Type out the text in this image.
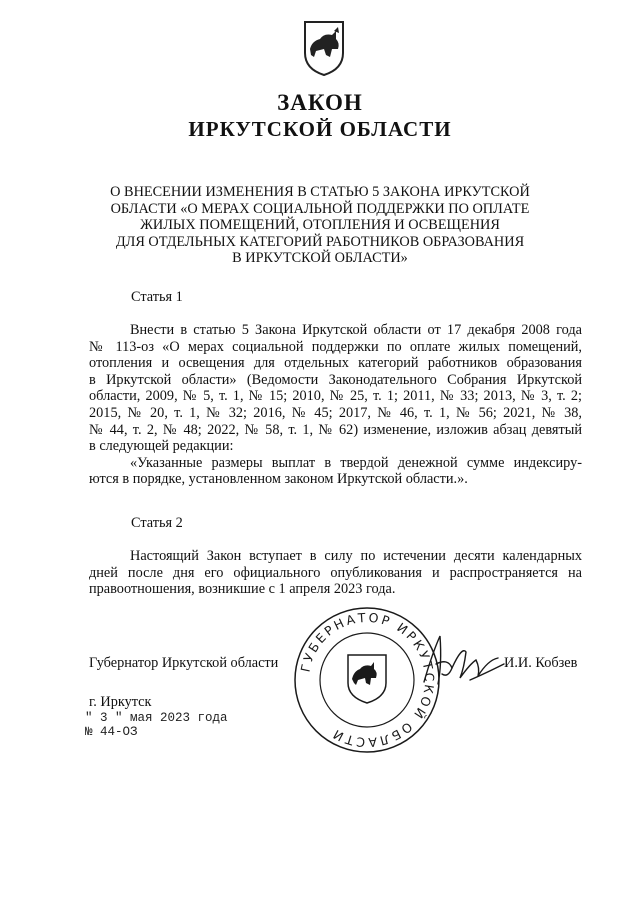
ЗАКОН
ИРКУТСКОЙ ОБЛАСТИ
О ВНЕСЕНИИ ИЗМЕНЕНИЯ В СТАТЬЮ 5 ЗАКОНА ИРКУТСКОЙ
ОБЛАСТИ «О МЕРАХ СОЦИАЛЬНОЙ ПОДДЕРЖКИ ПО ОПЛАТЕ
ЖИЛЫХ ПОМЕЩЕНИЙ, ОТОПЛЕНИЯ И ОСВЕЩЕНИЯ
ДЛЯ ОТДЕЛЬНЫХ КАТЕГОРИЙ РАБОТНИКОВ ОБРАЗОВАНИЯ
В ИРКУТСКОЙ ОБЛАСТИ»
Статья 1
Внести в статью 5 Закона Иркутской области от 17 декабря 2008 года
№ 113-оз «О мерах социальной поддержки по оплате жилых помещений,
отопления и освещения для отдельных категорий работников образования
в Иркутской области» (Ведомости Законодательного Собрания Иркутской
области, 2009, № 5, т. 1, № 15; 2010, № 25, т. 1; 2011, № 33; 2013, № 3, т. 2;
2015, № 20, т. 1, № 32; 2016, № 45; 2017, № 46, т. 1, № 56; 2021, № 38,
№ 44, т. 2, № 48; 2022, № 58, т. 1, № 62) изменение, изложив абзац девятый
в следующей редакции:
«Указанные размеры выплат в твердой денежной сумме индексиру-
ются в порядке, установленном законом Иркутской области.».
Статья 2
Настоящий Закон вступает в силу по истечении десяти календарных
дней после дня его официального опубликования и распространяется на
правоотношения, возникшие с 1 апреля 2023 года.
ГУБЕРНАТОР ИРКУТСКОЙ ОБЛАСТИ
Губернатор Иркутской области	И.И. Кобзев
г. Иркутск
" 3 " мая 2023 года
№ 44-ОЗ
